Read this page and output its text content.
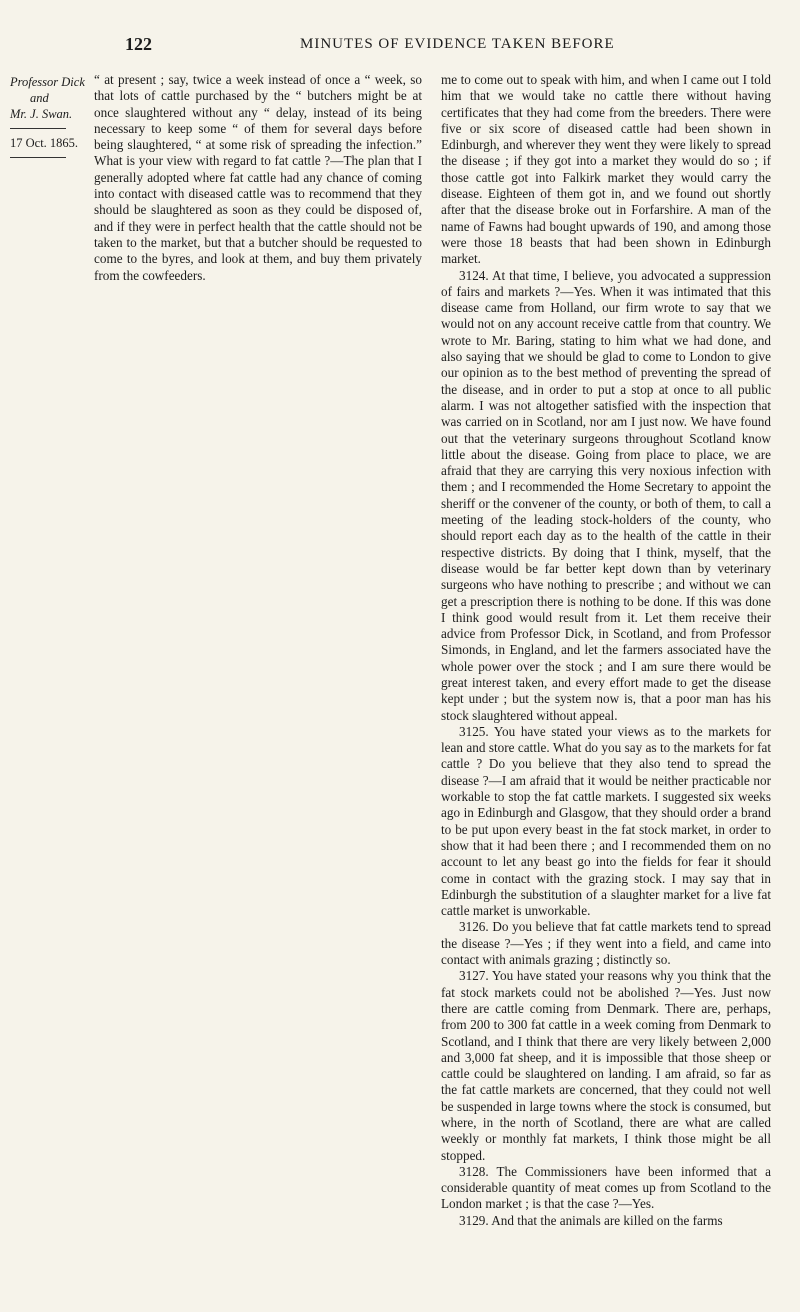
122	MINUTES OF EVIDENCE TAKEN BEFORE
Professor Dick
and
Mr. J. Swan.
17 Oct. 1865.

“ at present ; say, twice a week instead of once a “ week, so that lots of cattle purchased by the “ butchers might be at once slaughtered without any “ delay, instead of its being necessary to keep some “ of them for several days before being slaughtered, “ at some risk of spreading the infection.” What is your view with regard to fat cattle ?—The plan that I generally adopted where fat cattle had any chance of coming into contact with diseased cattle was to recommend that they should be slaughtered as soon as they could be disposed of, and if they were in perfect health that the cattle should not be taken to the market, but that a butcher should be requested to come to the byres, and look at them, and buy them privately from the cowfeeders.

me to come out to speak with him, and when I came out I told him that we would take no cattle there without having certificates that they had come from the breeders. There were five or six score of diseased cattle had been shown in Edinburgh, and wherever they went they were likely to spread the disease ; if they got into a market they would do so ; if those cattle got into Falkirk market they would carry the disease. Eighteen of them got in, and we found out shortly after that the disease broke out in Forfarshire. A man of the name of Fawns had bought upwards of 190, and among those were those 18 beasts that had been shown in Edinburgh market.

3124. At that time, I believe, you advocated a suppression of fairs and markets ?—Yes. When it was intimated that this disease came from Holland, our firm wrote to say that we would not on any account receive cattle from that country. We wrote to Mr. Baring, stating to him what we had done, and also saying that we should be glad to come to London to give our opinion as to the best method of preventing the spread of the disease, and in order to put a stop at once to all public alarm. I was not altogether satisfied with the inspection that was carried on in Scotland, nor am I just now. We have found out that the veterinary surgeons throughout Scotland know little about the disease. Going from place to place, we are afraid that they are carrying this very noxious infection with them ; and I recommended the Home Secretary to appoint the sheriff or the convener of the county, or both of them, to call a meeting of the leading stock-holders of the county, who should report each day as to the health of the cattle in their respective districts. By doing that I think, myself, that the disease would be far better kept down than by veterinary surgeons who have nothing to prescribe ; and without we can get a prescription there is nothing to be done. If this was done I think good would result from it. Let them receive their advice from Professor Dick, in Scotland, and from Professor Simonds, in England, and let the farmers associated have the whole power over the stock ; and I am sure there would be great interest taken, and every effort made to get the disease kept under ; but the system now is, that a poor man has his stock slaughtered without appeal.

3125. You have stated your views as to the markets for lean and store cattle. What do you say as to the markets for fat cattle ? Do you believe that they also tend to spread the disease ?—I am afraid that it would be neither practicable nor workable to stop the fat cattle markets. I suggested six weeks ago in Edinburgh and Glasgow, that they should order a brand to be put upon every beast in the fat stock market, in order to show that it had been there ; and I recommended them on no account to let any beast go into the fields for fear it should come in contact with the grazing stock. I may say that in Edinburgh the substitution of a slaughter market for a live fat cattle market is unworkable.

3126. Do you believe that fat cattle markets tend to spread the disease ?—Yes ; if they went into a field, and came into contact with animals grazing ; distinctly so.

3127. You have stated your reasons why you think that the fat stock markets could not be abolished ?—Yes. Just now there are cattle coming from Denmark. There are, perhaps, from 200 to 300 fat cattle in a week coming from Denmark to Scotland, and I think that there are very likely between 2,000 and 3,000 fat sheep, and it is impossible that those sheep or cattle could be slaughtered on landing. I am afraid, so far as the fat cattle markets are concerned, that they could not well be suspended in large towns where the stock is consumed, but where, in the north of Scotland, there are what are called weekly or monthly fat markets, I think those might be all stopped.

3128. The Commissioners have been informed that a considerable quantity of meat comes up from Scotland to the London market ; is that the case ?—Yes.

3129. And that the animals are killed on the farms
